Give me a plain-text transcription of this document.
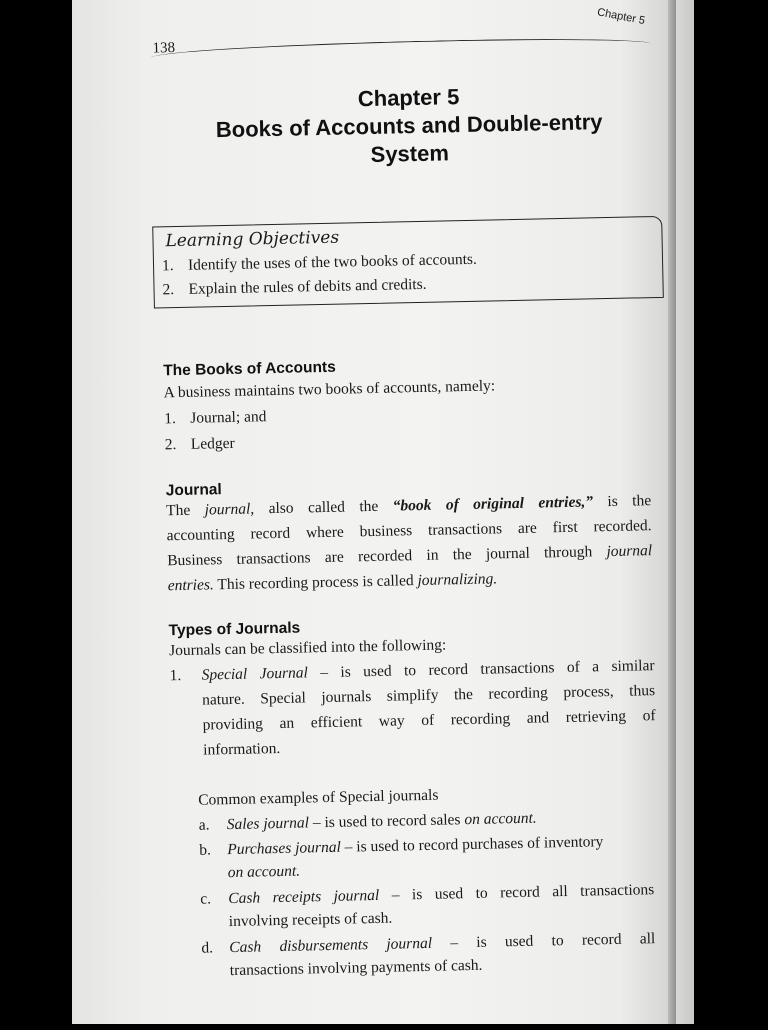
138
Chapter 5
Chapter 5
Books of Accounts and Double-entry
System
Learning Objectives
1. Identify the uses of the two books of accounts.
2. Explain the rules of debits and credits.
The Books of Accounts
A business maintains two books of accounts, namely:
1. Journal; and
2. Ledger
Journal
The journal, also called the “book of original entries,” is the
accounting record where business transactions are first recorded.
Business transactions are recorded in the journal through journal
entries. This recording process is called journalizing.
Types of Journals
Journals can be classified into the following:
1. Special Journal – is used to record transactions of a similar
nature. Special journals simplify the recording process, thus
providing an efficient way of recording and retrieving of
information.
Common examples of Special journals
a. Sales journal – is used to record sales on account.
b. Purchases journal – is used to record purchases of inventory
on account.
c. Cash receipts journal – is used to record all transactions
involving receipts of cash.
d. Cash disbursements journal – is used to record all
transactions involving payments of cash.
